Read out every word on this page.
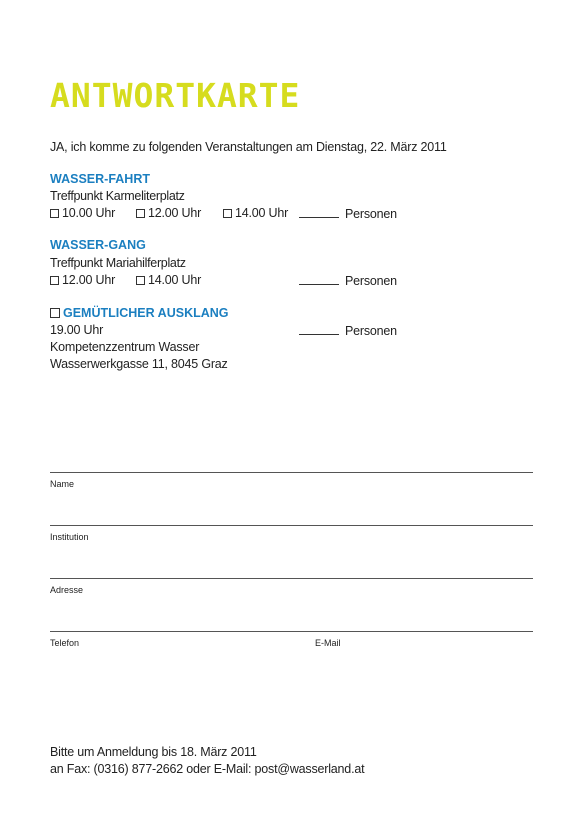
ANTWORTKARTE
JA, ich komme zu folgenden Veranstaltungen am Dienstag, 22. März 2011
WASSER-FAHRT
Treffpunkt Karmeliterplatz
10.00 Uhr	12.00 Uhr	14.00 Uhr	Personen
WASSER-GANG
Treffpunkt Mariahilferplatz
12.00 Uhr	14.00 Uhr	Personen
GEMÜTLICHER AUSKLANG
19.00 Uhr	Personen
Kompetenzzentrum Wasser
Wasserwerkgasse 11, 8045 Graz
Name
Institution
Adresse
Telefon	E-Mail
Bitte um Anmeldung bis 18. März 2011
an Fax: (0316) 877-2662 oder E-Mail: post@wasserland.at
